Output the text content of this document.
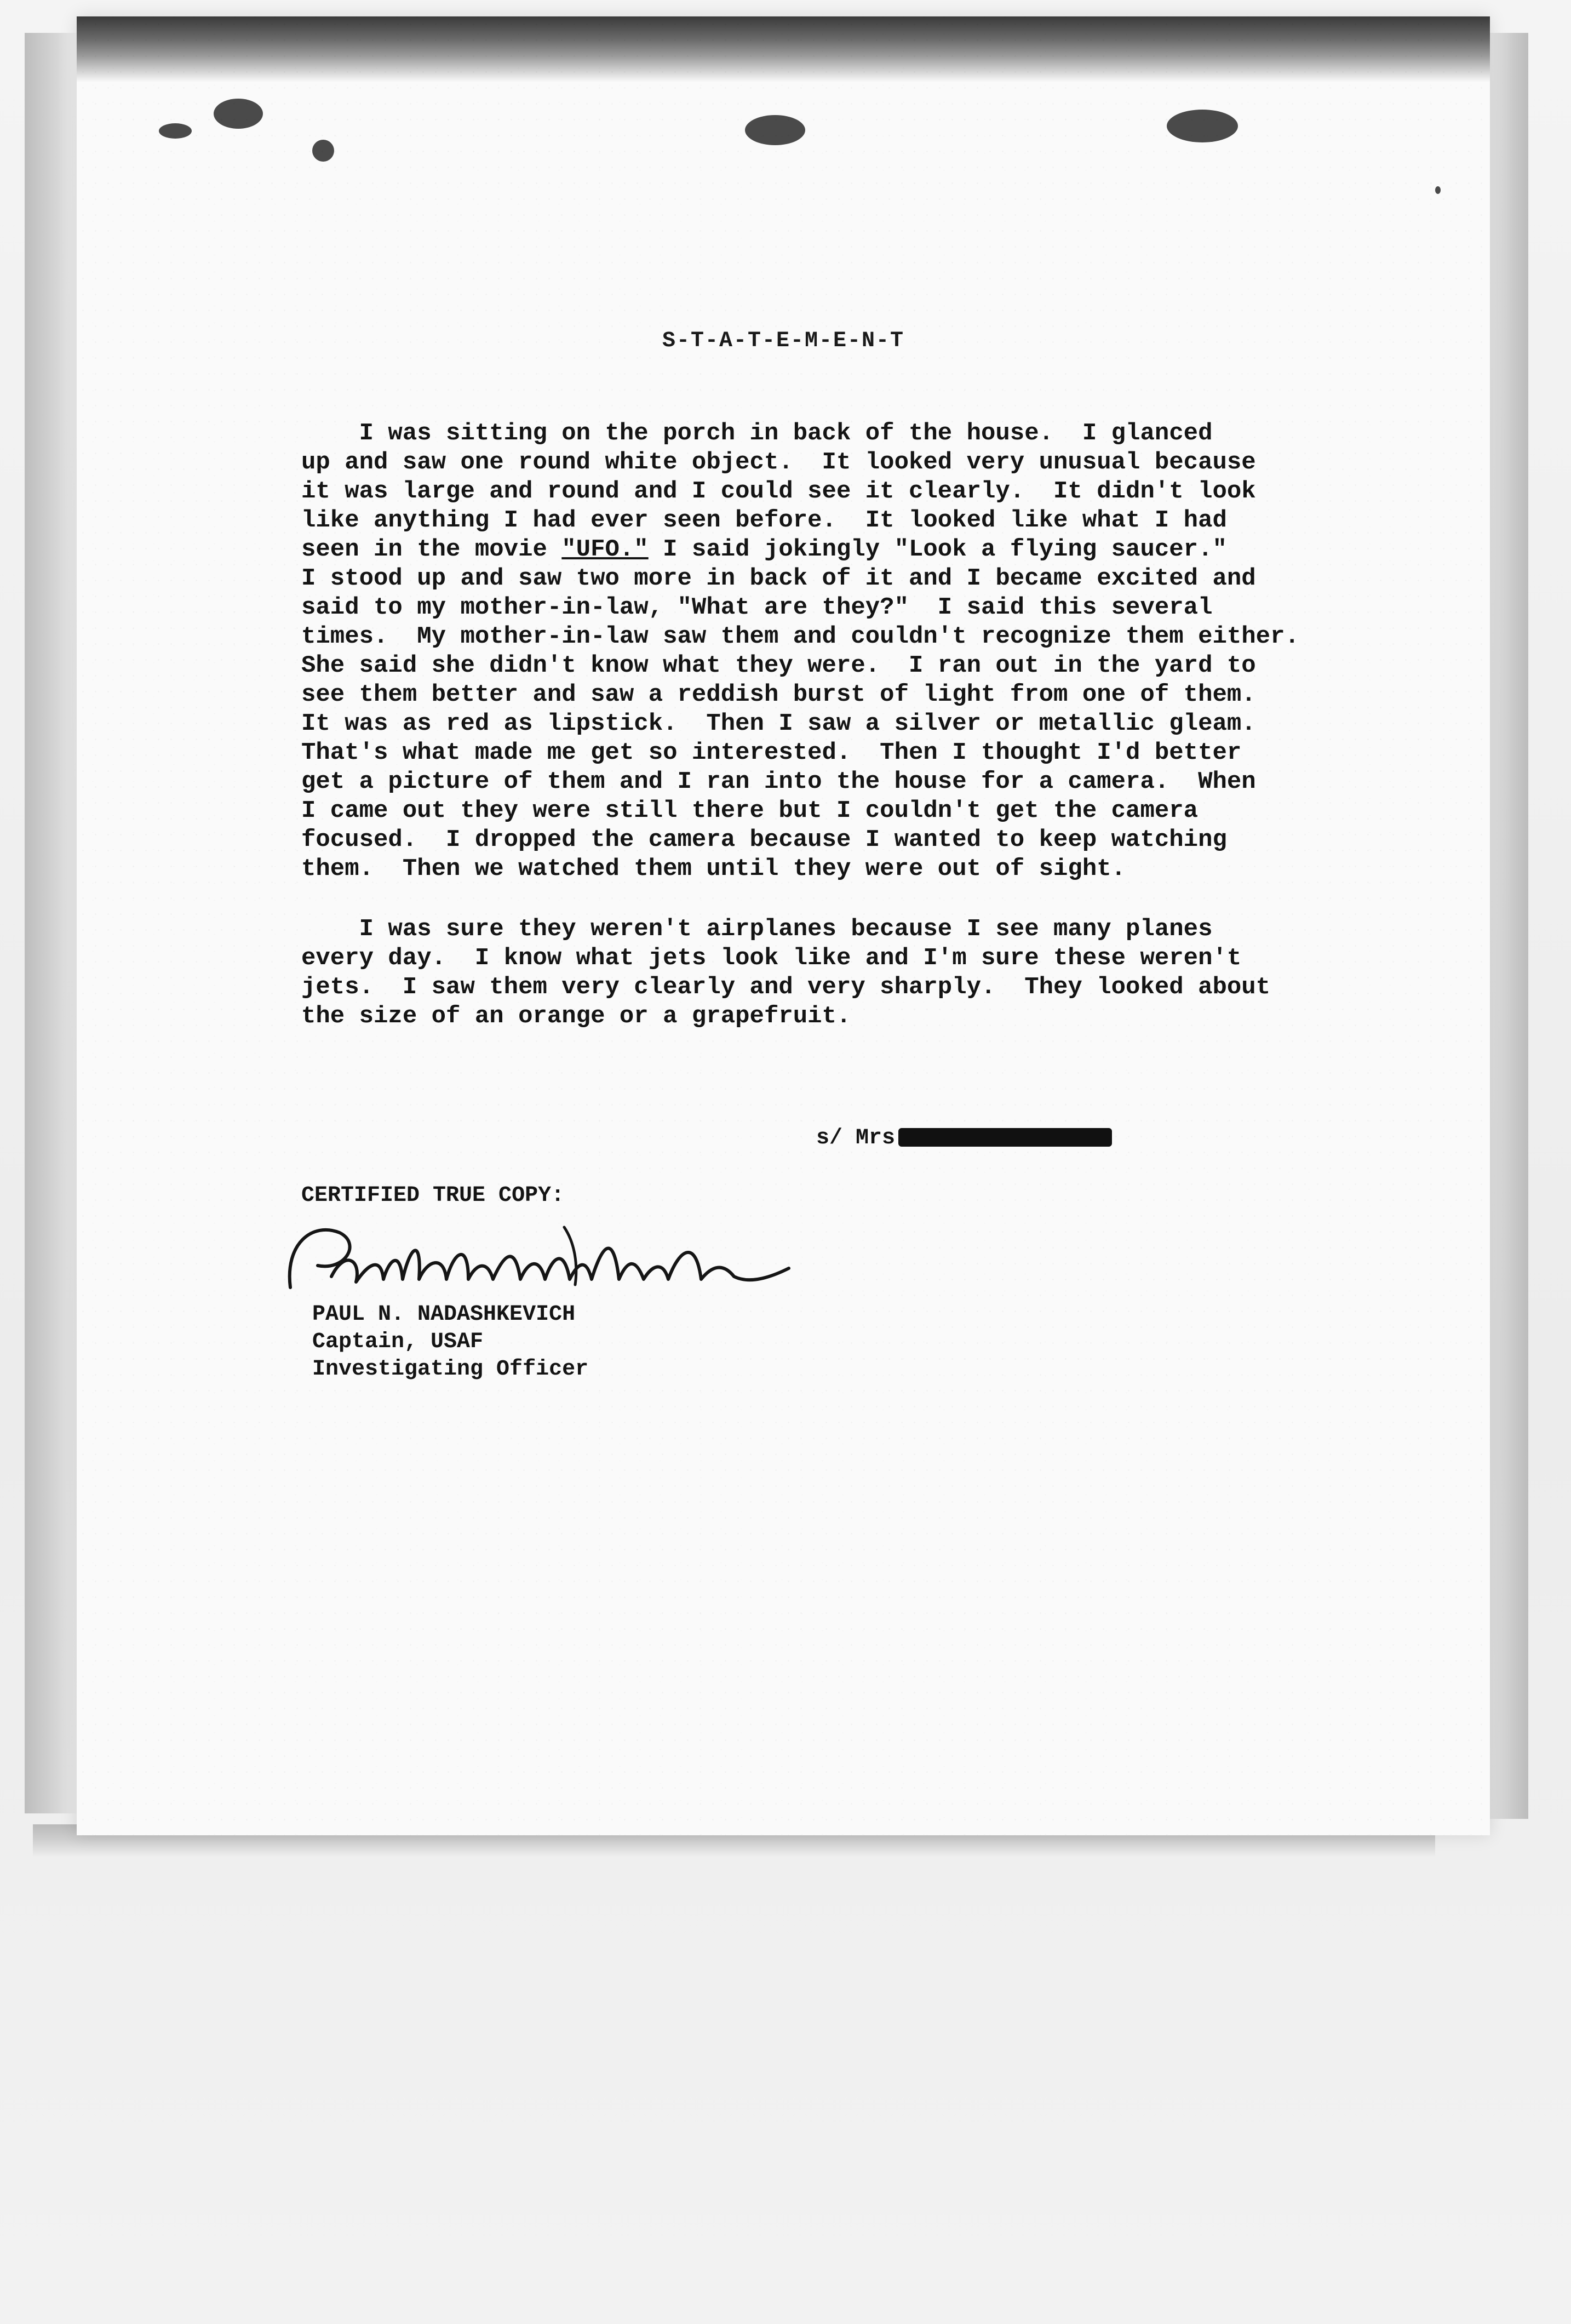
S-T-A-T-E-M-E-N-T
I was sitting on the porch in back of the house.  I glanced
up and saw one round white object.  It looked very unusual because
it was large and round and I could see it clearly.  It didn't look
like anything I had ever seen before.  It looked like what I had
seen in the movie "UFO." I said jokingly "Look a flying saucer."
I stood up and saw two more in back of it and I became excited and
said to my mother-in-law, "What are they?"  I said this several
times.  My mother-in-law saw them and couldn't recognize them either.
She said she didn't know what they were.  I ran out in the yard to
see them better and saw a reddish burst of light from one of them.
It was as red as lipstick.  Then I saw a silver or metallic gleam.
That's what made me get so interested.  Then I thought I'd better
get a picture of them and I ran into the house for a camera.  When
I came out they were still there but I couldn't get the camera
focused.  I dropped the camera because I wanted to keep watching
them.  Then we watched them until they were out of sight.
I was sure they weren't airplanes because I see many planes
every day.  I know what jets look like and I'm sure these weren't
jets.  I saw them very clearly and very sharply.  They looked about
the size of an orange or a grapefruit.
s/ Mrs
CERTIFIED TRUE COPY:
PAUL N. NADASHKEVICH
Captain, USAF
Investigating Officer
